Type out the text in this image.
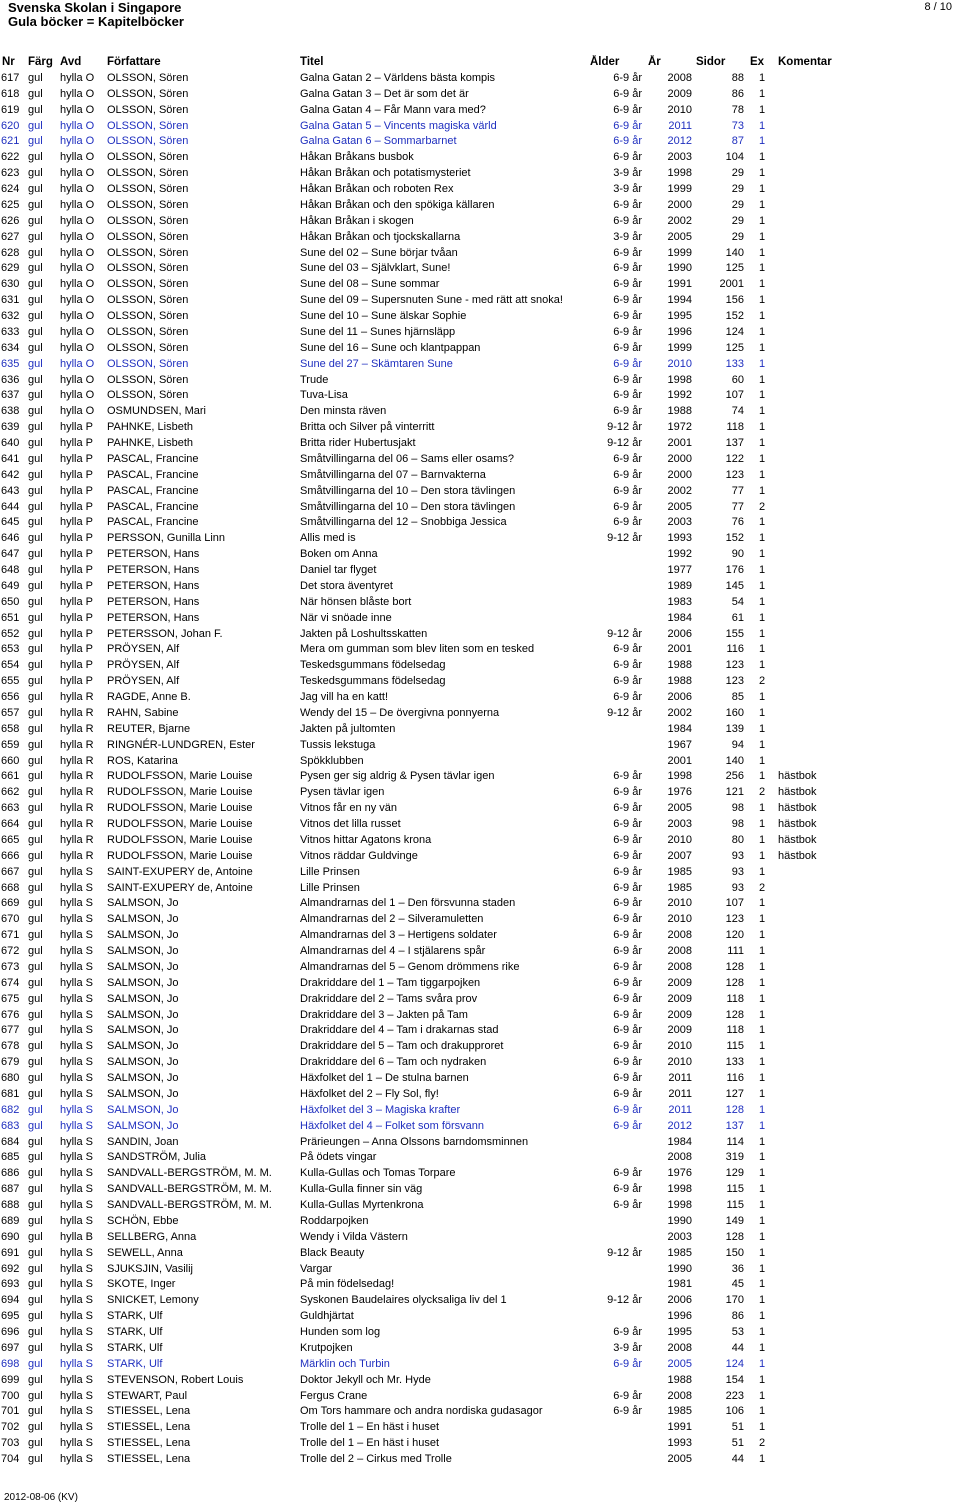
Svenska Skolan i Singapore
Gula böcker = Kapitelböcker
8 / 10
Nr	Färg	Avd	Författare	Titel	Ålder	År	Sidor	Ex	Komentar
617	gul	hylla O	OLSSON, Sören	Galna Gatan 2 – Världens bästa kompis	6-9 år	2008	88	1	
618	gul	hylla O	OLSSON, Sören	Galna Gatan 3 – Det är som det är	6-9 år	2009	86	1	
619	gul	hylla O	OLSSON, Sören	Galna Gatan 4 – Får Mann vara med?	6-9 år	2010	78	1	
620	gul	hylla O	OLSSON, Sören	Galna Gatan 5 – Vincents magiska värld	6-9 år	2011	73	1	
621	gul	hylla O	OLSSON, Sören	Galna Gatan 6 – Sommarbarnet	6-9 år	2012	87	1	
622	gul	hylla O	OLSSON, Sören	Håkan Bråkans busbok	6-9 år	2003	104	1	
623	gul	hylla O	OLSSON, Sören	Håkan Bråkan och potatismysteriet	3-9 år	1998	29	1	
624	gul	hylla O	OLSSON, Sören	Håkan Bråkan och roboten Rex	3-9 år	1999	29	1	
625	gul	hylla O	OLSSON, Sören	Håkan Bråkan och den spökiga källaren	6-9 år	2000	29	1	
626	gul	hylla O	OLSSON, Sören	Håkan Bråkan i skogen	6-9 år	2002	29	1	
627	gul	hylla O	OLSSON, Sören	Håkan Bråkan och tjockskallarna	3-9 år	2005	29	1	
628	gul	hylla O	OLSSON, Sören	Sune del 02 – Sune börjar tvåan	6-9 år	1999	140	1	
629	gul	hylla O	OLSSON, Sören	Sune del 03 – Självklart, Sune!	6-9 år	1990	125	1	
630	gul	hylla O	OLSSON, Sören	Sune del 08 – Sune sommar	6-9 år	1991	2001	1	
631	gul	hylla O	OLSSON, Sören	Sune del 09 – Supersnuten Sune - med rätt att snoka!	6-9 år	1994	156	1	
632	gul	hylla O	OLSSON, Sören	Sune del 10 – Sune älskar Sophie	6-9 år	1995	152	1	
633	gul	hylla O	OLSSON, Sören	Sune del 11 – Sunes hjärnsläpp	6-9 år	1996	124	1	
634	gul	hylla O	OLSSON, Sören	Sune del 16 – Sune och klantpappan	6-9 år	1999	125	1	
635	gul	hylla O	OLSSON, Sören	Sune del 27 – Skämtaren Sune	6-9 år	2010	133	1	
636	gul	hylla O	OLSSON, Sören	Trude	6-9 år	1998	60	1	
637	gul	hylla O	OLSSON, Sören	Tuva-Lisa	6-9 år	1992	107	1	
638	gul	hylla O	OSMUNDSEN, Mari	Den minsta räven	6-9 år	1988	74	1	
639	gul	hylla P	PAHNKE, Lisbeth	Britta och Silver på vinterritt	9-12 år	1972	118	1	
640	gul	hylla P	PAHNKE, Lisbeth	Britta rider Hubertusjakt	9-12 år	2001	137	1	
641	gul	hylla P	PASCAL, Francine	Småtvillingarna del 06 – Sams eller osams?	6-9 år	2000	122	1	
642	gul	hylla P	PASCAL, Francine	Småtvillingarna del 07 – Barnvakterna	6-9 år	2000	123	1	
643	gul	hylla P	PASCAL, Francine	Småtvillingarna del 10 – Den stora tävlingen	6-9 år	2002	77	1	
644	gul	hylla P	PASCAL, Francine	Småtvillingarna del 10 – Den stora tävlingen	6-9 år	2005	77	2	
645	gul	hylla P	PASCAL, Francine	Småtvillingarna del 12 – Snobbiga Jessica	6-9 år	2003	76	1	
646	gul	hylla P	PERSSON, Gunilla Linn	Allis med is	9-12 år	1993	152	1	
647	gul	hylla P	PETERSON, Hans	Boken om Anna		1992	90	1	
648	gul	hylla P	PETERSON, Hans	Daniel tar flyget		1977	176	1	
649	gul	hylla P	PETERSON, Hans	Det stora äventyret		1989	145	1	
650	gul	hylla P	PETERSON, Hans	När hönsen blåste bort		1983	54	1	
651	gul	hylla P	PETERSON, Hans	När vi snöade inne		1984	61	1	
652	gul	hylla P	PETERSSON, Johan F.	Jakten på Loshultsskatten	9-12 år	2006	155	1	
653	gul	hylla P	PRÖYSEN, Alf	Mera om gumman som blev liten som en tesked	6-9 år	2001	116	1	
654	gul	hylla P	PRÖYSEN, Alf	Teskedsgummans födelsedag	6-9 år	1988	123	1	
655	gul	hylla P	PRÖYSEN, Alf	Teskedsgummans födelsedag	6-9 år	1988	123	2	
656	gul	hylla R	RAGDE, Anne B.	Jag vill ha en katt!	6-9 år	2006	85	1	
657	gul	hylla R	RAHN, Sabine	Wendy del 15 – De övergivna ponnyerna	9-12 år	2002	160	1	
658	gul	hylla R	REUTER, Bjarne	Jakten på jultomten		1984	139	1	
659	gul	hylla R	RINGNÉR-LUNDGREN, Ester	Tussis lekstuga		1967	94	1	
660	gul	hylla R	ROS, Katarina	Spökklubben		2001	140	1	
661	gul	hylla R	RUDOLFSSON, Marie Louise	Pysen ger sig aldrig & Pysen tävlar igen	6-9 år	1998	256	1	hästbok
662	gul	hylla R	RUDOLFSSON, Marie Louise	Pysen tävlar igen	6-9 år	1976	121	2	hästbok
663	gul	hylla R	RUDOLFSSON, Marie Louise	Vitnos får en ny vän	6-9 år	2005	98	1	hästbok
664	gul	hylla R	RUDOLFSSON, Marie Louise	Vitnos det lilla russet	6-9 år	2003	98	1	hästbok
665	gul	hylla R	RUDOLFSSON, Marie Louise	Vitnos hittar Agatons krona	6-9 år	2010	80	1	hästbok
666	gul	hylla R	RUDOLFSSON, Marie Louise	Vitnos räddar Guldvinge	6-9 år	2007	93	1	hästbok
667	gul	hylla S	SAINT-EXUPERY de, Antoine	Lille Prinsen	6-9 år	1985	93	1	
668	gul	hylla S	SAINT-EXUPERY de, Antoine	Lille Prinsen	6-9 år	1985	93	2	
669	gul	hylla S	SALMSON, Jo	Almandrarnas del 1 – Den försvunna staden	6-9 år	2010	107	1	
670	gul	hylla S	SALMSON, Jo	Almandrarnas del 2 – Silveramuletten	6-9 år	2010	123	1	
671	gul	hylla S	SALMSON, Jo	Almandrarnas del 3 – Hertigens soldater	6-9 år	2008	120	1	
672	gul	hylla S	SALMSON, Jo	Almandrarnas del 4 – I stjälarens spår	6-9 år	2008	111	1	
673	gul	hylla S	SALMSON, Jo	Almandrarnas del 5 – Genom drömmens rike	6-9 år	2008	128	1	
674	gul	hylla S	SALMSON, Jo	Drakriddare del 1 – Tam tiggarpojken	6-9 år	2009	128	1	
675	gul	hylla S	SALMSON, Jo	Drakriddare del 2 – Tams svåra prov	6-9 år	2009	118	1	
676	gul	hylla S	SALMSON, Jo	Drakriddare del 3 – Jakten på Tam	6-9 år	2009	128	1	
677	gul	hylla S	SALMSON, Jo	Drakriddare del 4 – Tam i drakarnas stad	6-9 år	2009	118	1	
678	gul	hylla S	SALMSON, Jo	Drakriddare del 5 – Tam och drakupproret	6-9 år	2010	115	1	
679	gul	hylla S	SALMSON, Jo	Drakriddare del 6 – Tam och nydraken	6-9 år	2010	133	1	
680	gul	hylla S	SALMSON, Jo	Häxfolket del 1 – De stulna barnen	6-9 år	2011	116	1	
681	gul	hylla S	SALMSON, Jo	Häxfolket del 2 – Fly Sol, fly!	6-9 år	2011	127	1	
682	gul	hylla S	SALMSON, Jo	Häxfolket del 3 – Magiska krafter	6-9 år	2011	128	1	
683	gul	hylla S	SALMSON, Jo	Häxfolket del 4 – Folket som försvann	6-9 år	2012	137	1	
684	gul	hylla S	SANDIN, Joan	Prärieungen – Anna Olssons barndomsminnen		1984	114	1	
685	gul	hylla S	SANDSTRÖM, Julia	På ödets vingar		2008	319	1	
686	gul	hylla S	SANDVALL-BERGSTRÖM, M. M.	Kulla-Gullas och Tomas Torpare	6-9 år	1976	129	1	
687	gul	hylla S	SANDVALL-BERGSTRÖM, M. M.	Kulla-Gulla finner sin väg	6-9 år	1998	115	1	
688	gul	hylla S	SANDVALL-BERGSTRÖM, M. M.	Kulla-Gullas Myrtenkrona	6-9 år	1998	115	1	
689	gul	hylla S	SCHÖN, Ebbe	Roddarpojken		1990	149	1	
690	gul	hylla B	SELLBERG, Anna	Wendy i Vilda Västern		2003	128	1	
691	gul	hylla S	SEWELL, Anna	Black Beauty	9-12 år	1985	150	1	
692	gul	hylla S	SJUKSJIN, Vasilij	Vargar		1990	36	1	
693	gul	hylla S	SKOTE, Inger	På min födelsedag!		1981	45	1	
694	gul	hylla S	SNICKET, Lemony	Syskonen Baudelaires olycksaliga liv del 1	9-12 år	2006	170	1	
695	gul	hylla S	STARK, Ulf	Guldhjärtat		1996	86	1	
696	gul	hylla S	STARK, Ulf	Hunden som log	6-9 år	1995	53	1	
697	gul	hylla S	STARK, Ulf	Krutpojken	3-9 år	2008	44	1	
698	gul	hylla S	STARK, Ulf	Märklin och Turbin	6-9 år	2005	124	1	
699	gul	hylla S	STEVENSON, Robert Louis	Doktor Jekyll och Mr. Hyde		1988	154	1	
700	gul	hylla S	STEWART, Paul	Fergus Crane	6-9 år	2008	223	1	
701	gul	hylla S	STIESSEL, Lena	Om Tors hammare och andra nordiska gudasagor	6-9 år	1985	106	1	
702	gul	hylla S	STIESSEL, Lena	Trolle del 1 – En häst i huset		1991	51	1	
703	gul	hylla S	STIESSEL, Lena	Trolle del 1 – En häst i huset		1993	51	2	
704	gul	hylla S	STIESSEL, Lena	Trolle del 2 – Cirkus med Trolle		2005	44	1	
2012-08-06 (KV)
